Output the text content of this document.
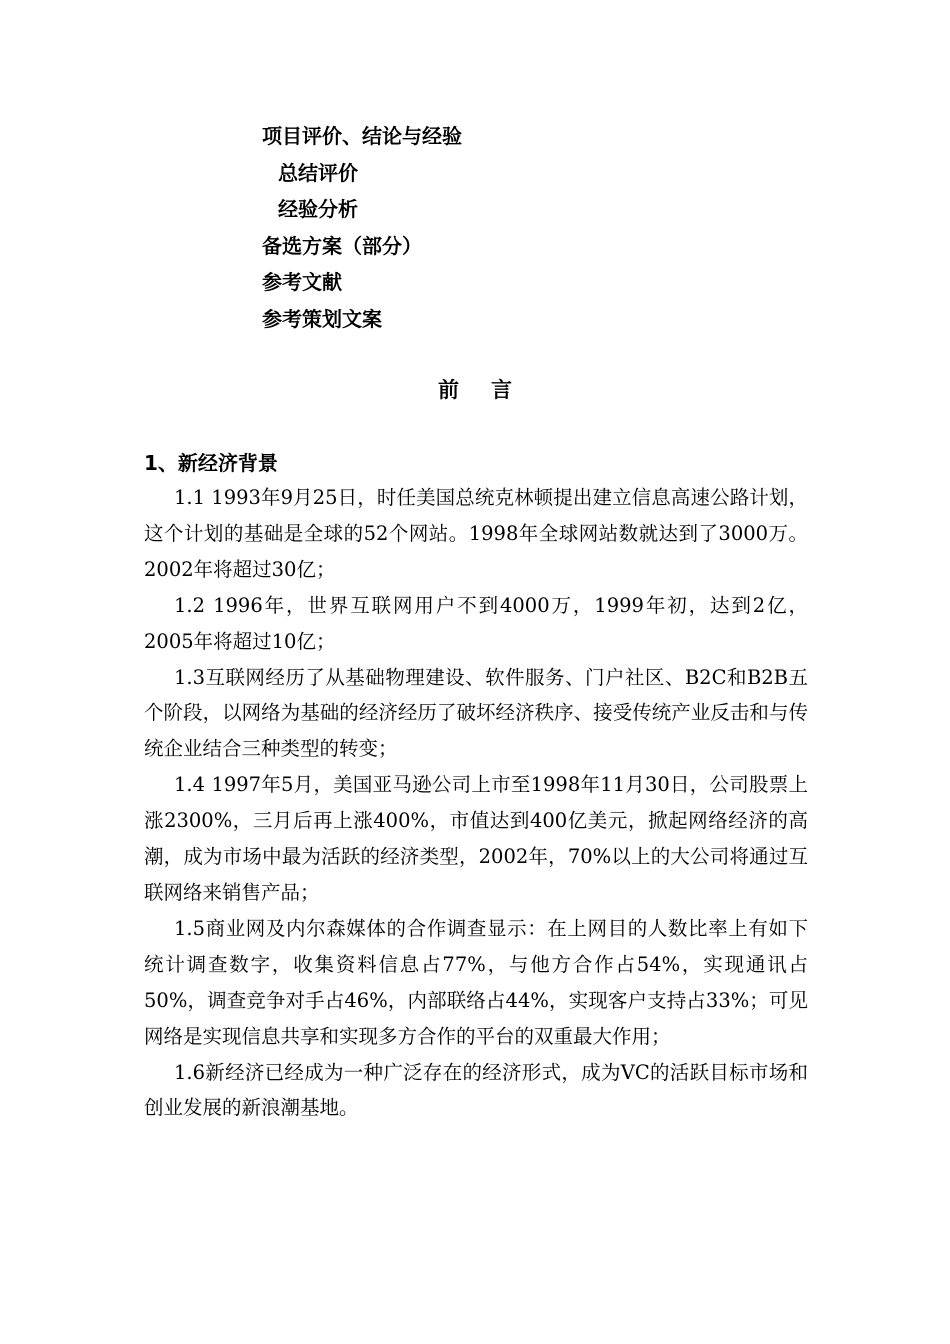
项目评价、结论与经验
总结评价
经验分析
备选方案（部分）
参考文献
参考策划文案
前言
1、新经济背景

1.1 1993年9月25日，时任美国总统克林顿提出建立信息高速公路计划，这个计划的基础是全球的52个网站。1998年全球网站数就达到了3000万。2002年将超过30亿；

1.2 1996年，世界互联网用户不到4000万，1999年初，达到2亿，2005年将超过10亿；

1.3互联网经历了从基础物理建设、软件服务、门户社区、B2C和B2B五个阶段，以网络为基础的经济经历了破坏经济秩序、接受传统产业反击和与传统企业结合三种类型的转变；

1.4 1997年5月，美国亚马逊公司上市至1998年11月30日，公司股票上涨2300%，三月后再上涨400%，市值达到400亿美元，掀起网络经济的高潮，成为市场中最为活跃的经济类型，2002年，70%以上的大公司将通过互联网络来销售产品；

1.5商业网及内尔森媒体的合作调查显示：在上网目的人数比率上有如下统计调查数字，收集资料信息占77%，与他方合作占54%，实现通讯占50%，调查竞争对手占46%，内部联络占44%，实现客户支持占33%；可见网络是实现信息共享和实现多方合作的平台的双重最大作用；

1.6新经济已经成为一种广泛存在的经济形式，成为VC的活跃目标市场和创业发展的新浪潮基地。
